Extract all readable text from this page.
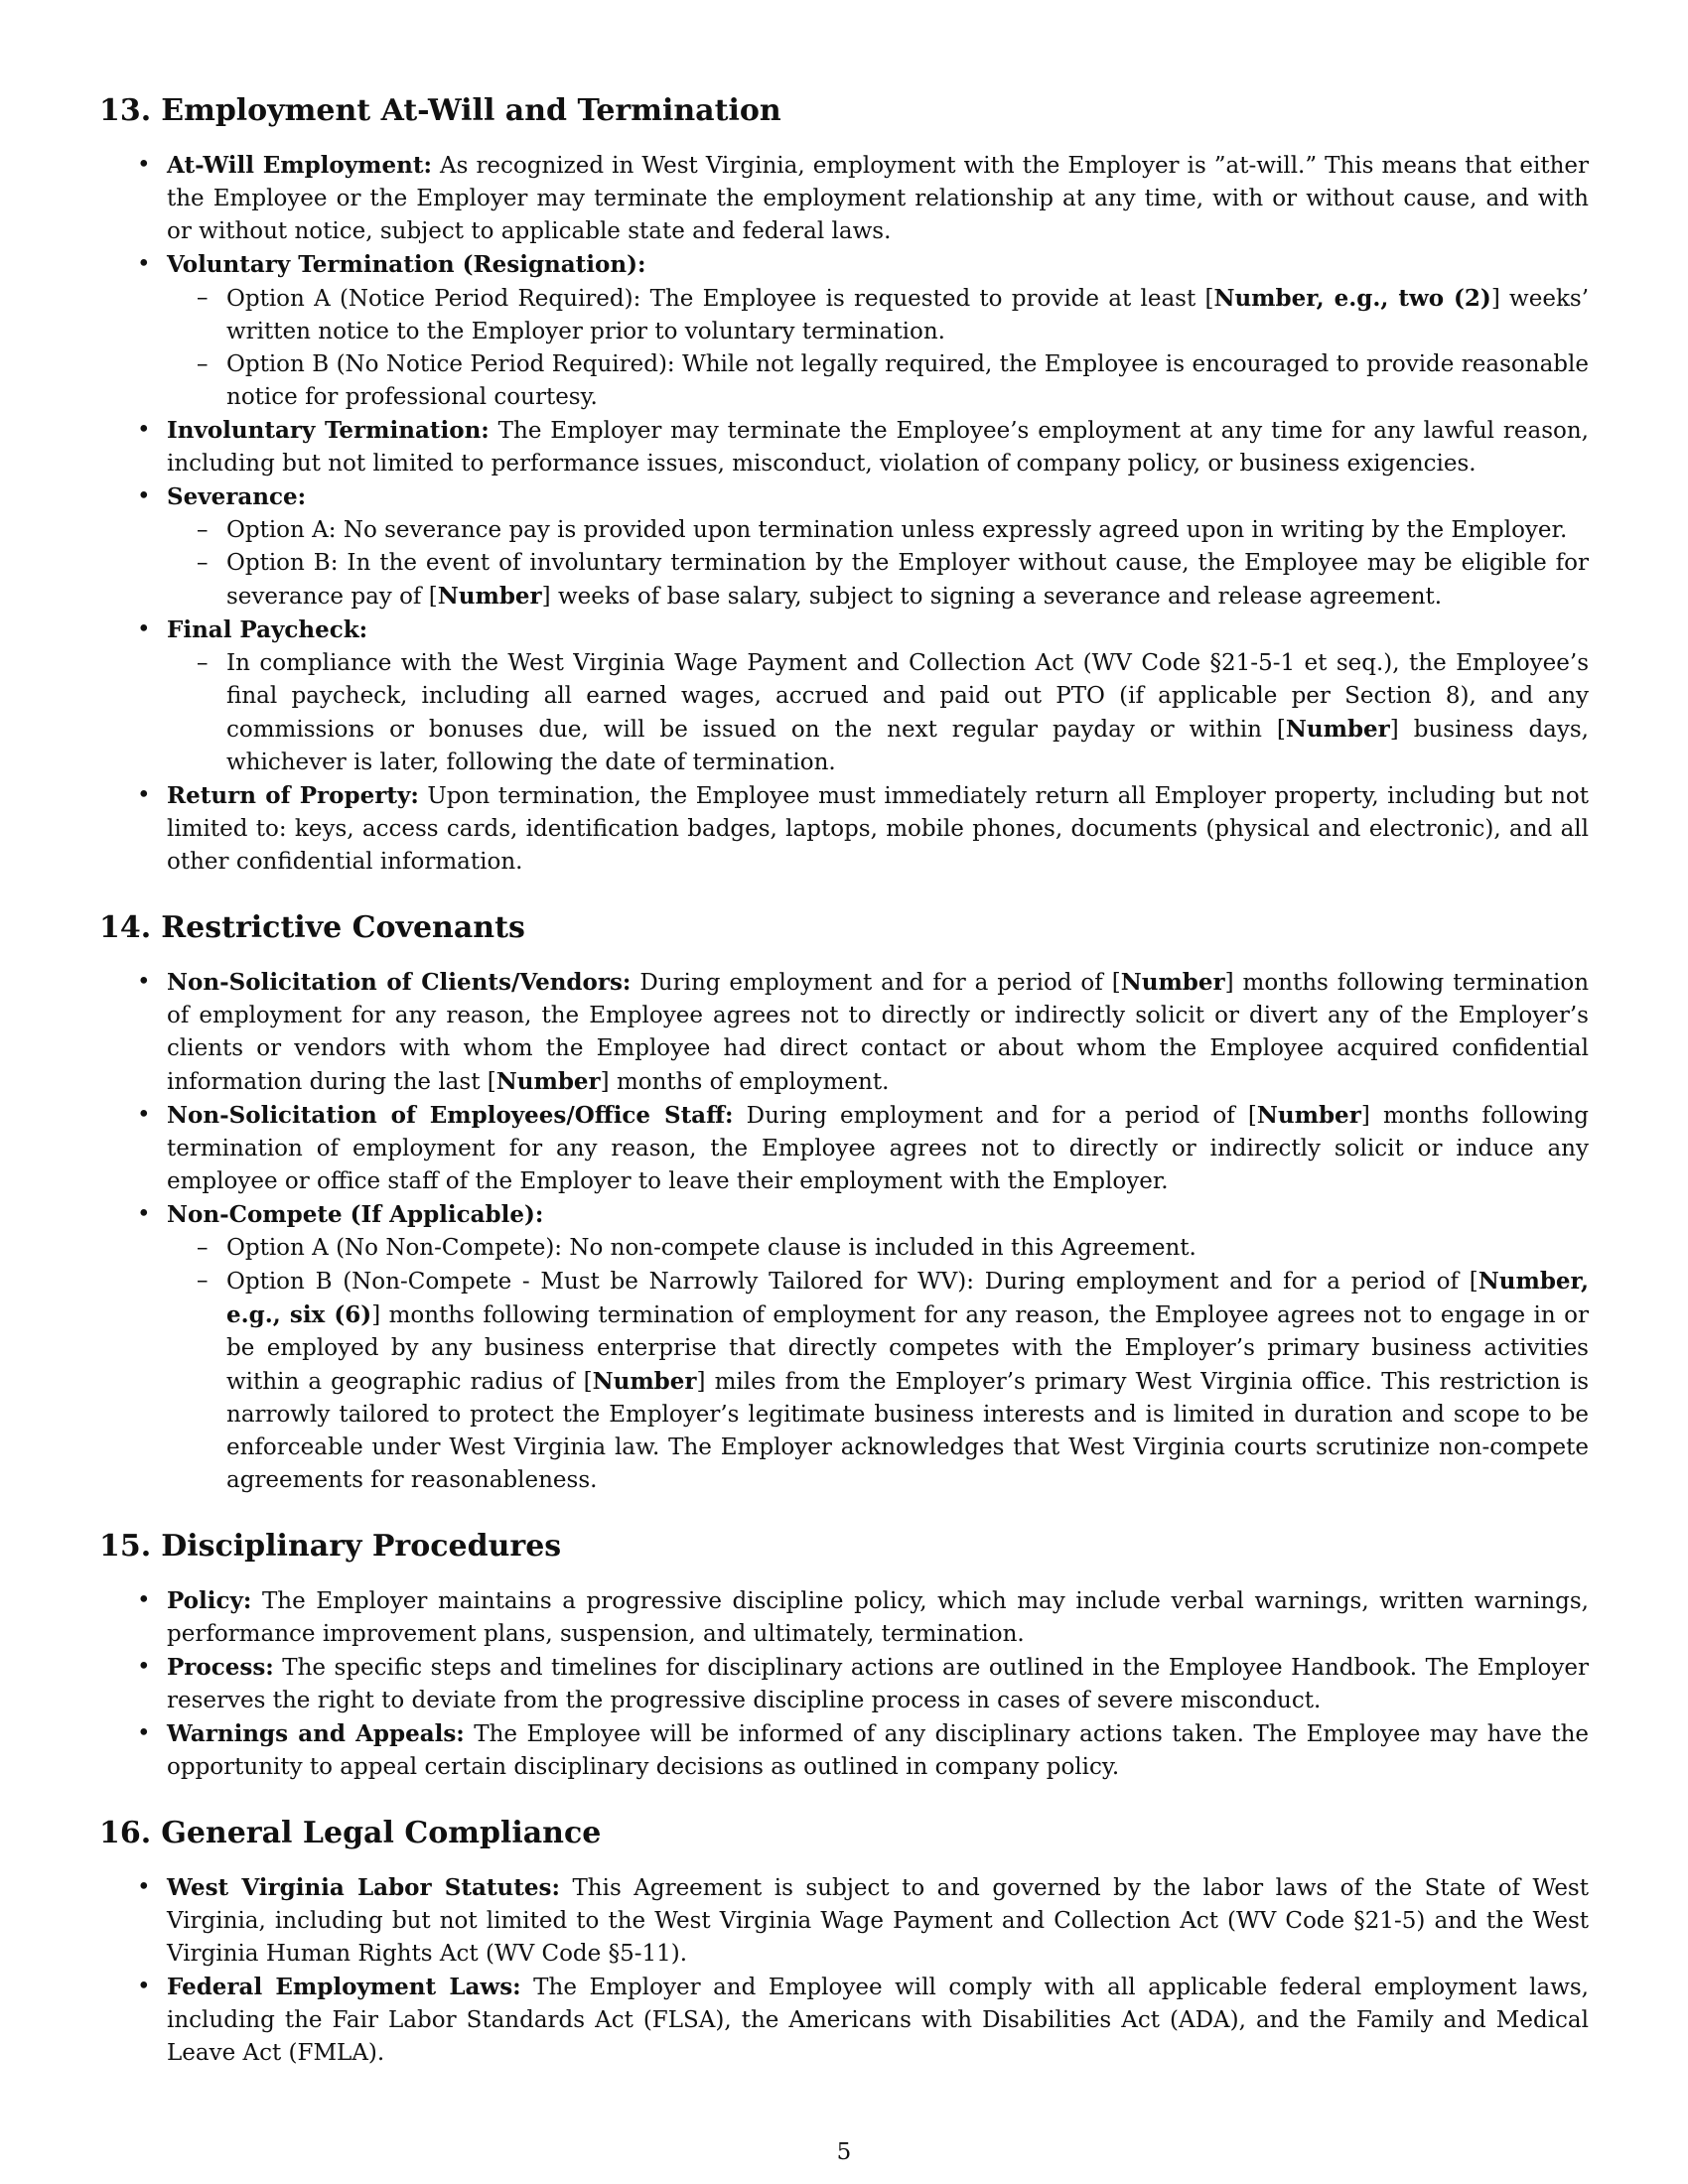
13. Employment At-Will and Termination
• At-Will Employment: As recognized in West Virginia, employment with the Employer is ”at-will.” This means that either the Employee or the Employer may terminate the employment relationship at any time, with or without cause, and with or without notice, subject to applicable state and federal laws.
• Voluntary Termination (Resignation):
– Option A (Notice Period Required): The Employee is requested to provide at least [Number, e.g., two (2)] weeks’ written notice to the Employer prior to voluntary termination.
– Option B (No Notice Period Required): While not legally required, the Employee is encouraged to provide reasonable notice for professional courtesy.
• Involuntary Termination: The Employer may terminate the Employee’s employment at any time for any lawful reason, including but not limited to performance issues, misconduct, violation of company policy, or business exigencies.
• Severance:
– Option A: No severance pay is provided upon termination unless expressly agreed upon in writing by the Employer.
– Option B: In the event of involuntary termination by the Employer without cause, the Employee may be eligible for severance pay of [Number] weeks of base salary, subject to signing a severance and release agreement.
• Final Paycheck:
– In compliance with the West Virginia Wage Payment and Collection Act (WV Code §21-5-1 et seq.), the Employee’s final paycheck, including all earned wages, accrued and paid out PTO (if applicable per Section 8), and any commissions or bonuses due, will be issued on the next regular payday or within [Number] business days, whichever is later, following the date of termination.
• Return of Property: Upon termination, the Employee must immediately return all Employer property, including but not limited to: keys, access cards, identification badges, laptops, mobile phones, documents (physical and electronic), and all other confidential information.
14. Restrictive Covenants
• Non-Solicitation of Clients/Vendors: During employment and for a period of [Number] months following termination of employment for any reason, the Employee agrees not to directly or indirectly solicit or divert any of the Employer’s clients or vendors with whom the Employee had direct contact or about whom the Employee acquired confidential information during the last [Number] months of employment.
• Non-Solicitation of Employees/Office Staff: During employment and for a period of [Number] months following termination of employment for any reason, the Employee agrees not to directly or indirectly solicit or induce any employee or office staff of the Employer to leave their employment with the Employer.
• Non-Compete (If Applicable):
– Option A (No Non-Compete): No non-compete clause is included in this Agreement.
– Option B (Non-Compete - Must be Narrowly Tailored for WV): During employment and for a period of [Number, e.g., six (6)] months following termination of employment for any reason, the Employee agrees not to engage in or be employed by any business enterprise that directly competes with the Employer’s primary business activities within a geographic radius of [Number] miles from the Employer’s primary West Virginia office. This restriction is narrowly tailored to protect the Employer’s legitimate business interests and is limited in duration and scope to be enforceable under West Virginia law. The Employer acknowledges that West Virginia courts scrutinize non-compete agreements for reasonableness.
15. Disciplinary Procedures
• Policy: The Employer maintains a progressive discipline policy, which may include verbal warnings, written warnings, performance improvement plans, suspension, and ultimately, termination.
• Process: The specific steps and timelines for disciplinary actions are outlined in the Employee Handbook. The Employer reserves the right to deviate from the progressive discipline process in cases of severe misconduct.
• Warnings and Appeals: The Employee will be informed of any disciplinary actions taken. The Employee may have the opportunity to appeal certain disciplinary decisions as outlined in company policy.
16. General Legal Compliance
• West Virginia Labor Statutes: This Agreement is subject to and governed by the labor laws of the State of West Virginia, including but not limited to the West Virginia Wage Payment and Collection Act (WV Code §21-5) and the West Virginia Human Rights Act (WV Code §5-11).
• Federal Employment Laws: The Employer and Employee will comply with all applicable federal employment laws, including the Fair Labor Standards Act (FLSA), the Americans with Disabilities Act (ADA), and the Family and Medical Leave Act (FMLA).
5
